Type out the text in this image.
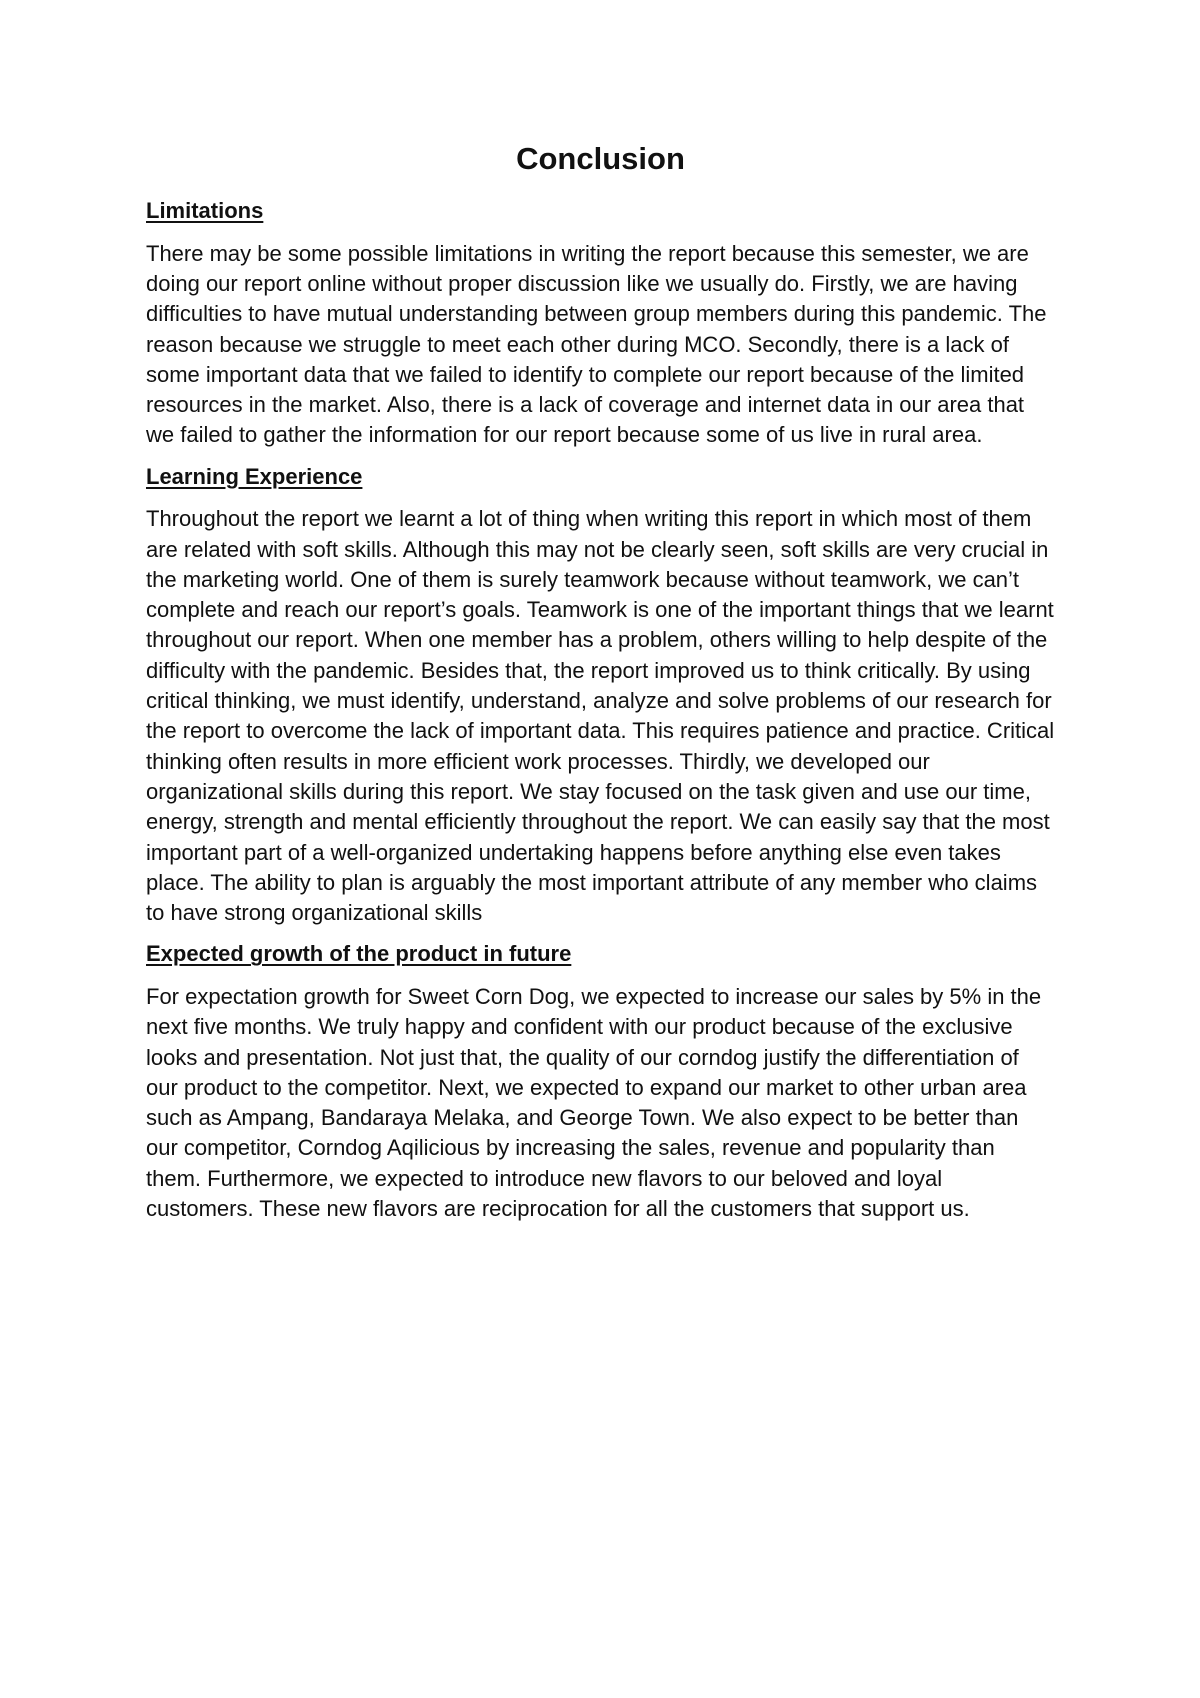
Conclusion
Limitations

There may be some possible limitations in writing the report because this semester, we are doing our report online without proper discussion like we usually do. Firstly, we are having difficulties to have mutual understanding between group members during this pandemic. The reason because we struggle to meet each other during MCO. Secondly, there is a lack of some important data that we failed to identify to complete our report because of the limited resources in the market. Also, there is a lack of coverage and internet data in our area that we failed to gather the information for our report because some of us live in rural area.

Learning Experience

Throughout the report we learnt a lot of thing when writing this report in which most of them are related with soft skills. Although this may not be clearly seen, soft skills are very crucial in the marketing world. One of them is surely teamwork because without teamwork, we can’t complete and reach our report’s goals. Teamwork is one of the important things that we learnt throughout our report. When one member has a problem, others willing to help despite of the difficulty with the pandemic. Besides that, the report improved us to think critically. By using critical thinking, we must identify, understand, analyze and solve problems of our research for the report to overcome the lack of important data. This requires patience and practice. Critical thinking often results in more efficient work processes. Thirdly, we developed our organizational skills during this report. We stay focused on the task given and use our time, energy, strength and mental efficiently throughout the report. We can easily say that the most important part of a well-organized undertaking happens before anything else even takes place. The ability to plan is arguably the most important attribute of any member who claims to have strong organizational skills

Expected growth of the product in future

For expectation growth for Sweet Corn Dog, we expected to increase our sales by 5% in the next five months. We truly happy and confident with our product because of the exclusive looks and presentation. Not just that, the quality of our corndog justify the differentiation of our product to the competitor. Next, we expected to expand our market to other urban area such as Ampang, Bandaraya Melaka, and George Town. We also expect to be better than our competitor, Corndog Aqilicious by increasing the sales, revenue and popularity than them. Furthermore, we expected to introduce new flavors to our beloved and loyal customers. These new flavors are reciprocation for all the customers that support us.
